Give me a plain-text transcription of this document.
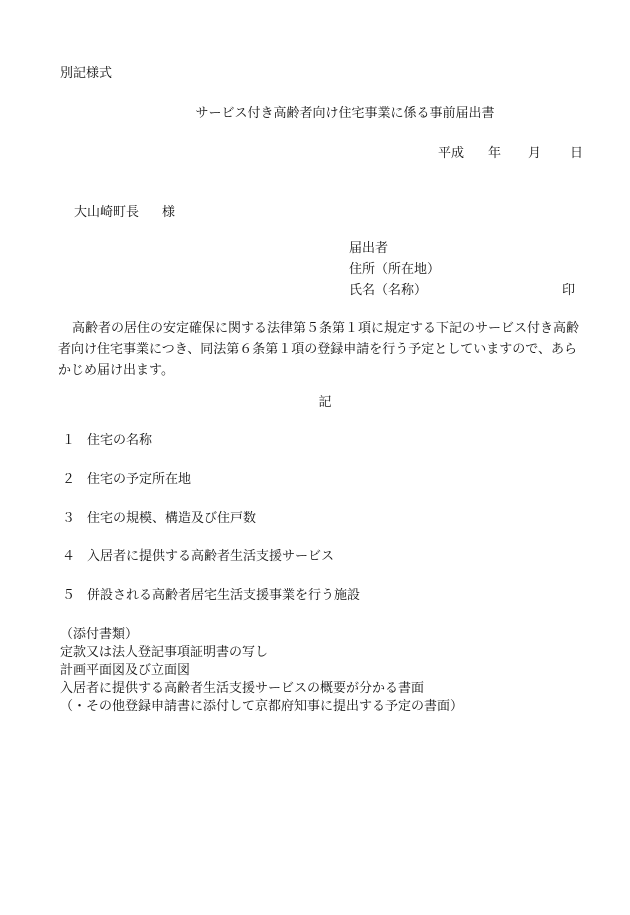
別記様式
サービス付き高齢者向け住宅事業に係る事前届出書
平成	年	月	日
大山崎町長	様
届出者
住所（所在地）
氏名（名称）	印
高齢者の居住の安定確保に関する法律第５条第１項に規定する下記のサービス付き高齢者向け住宅事業につき、同法第６条第１項の登録申請を行う予定としていますので、あらかじめ届け出ます。
記
１ 住宅の名称
２ 住宅の予定所在地
３ 住宅の規模、構造及び住戸数
４ 入居者に提供する高齢者生活支援サービス
５ 併設される高齢者居宅生活支援事業を行う施設
（添付書類）
定款又は法人登記事項証明書の写し
計画平面図及び立面図
入居者に提供する高齢者生活支援サービスの概要が分かる書面
（・その他登録申請書に添付して京都府知事に提出する予定の書面）
